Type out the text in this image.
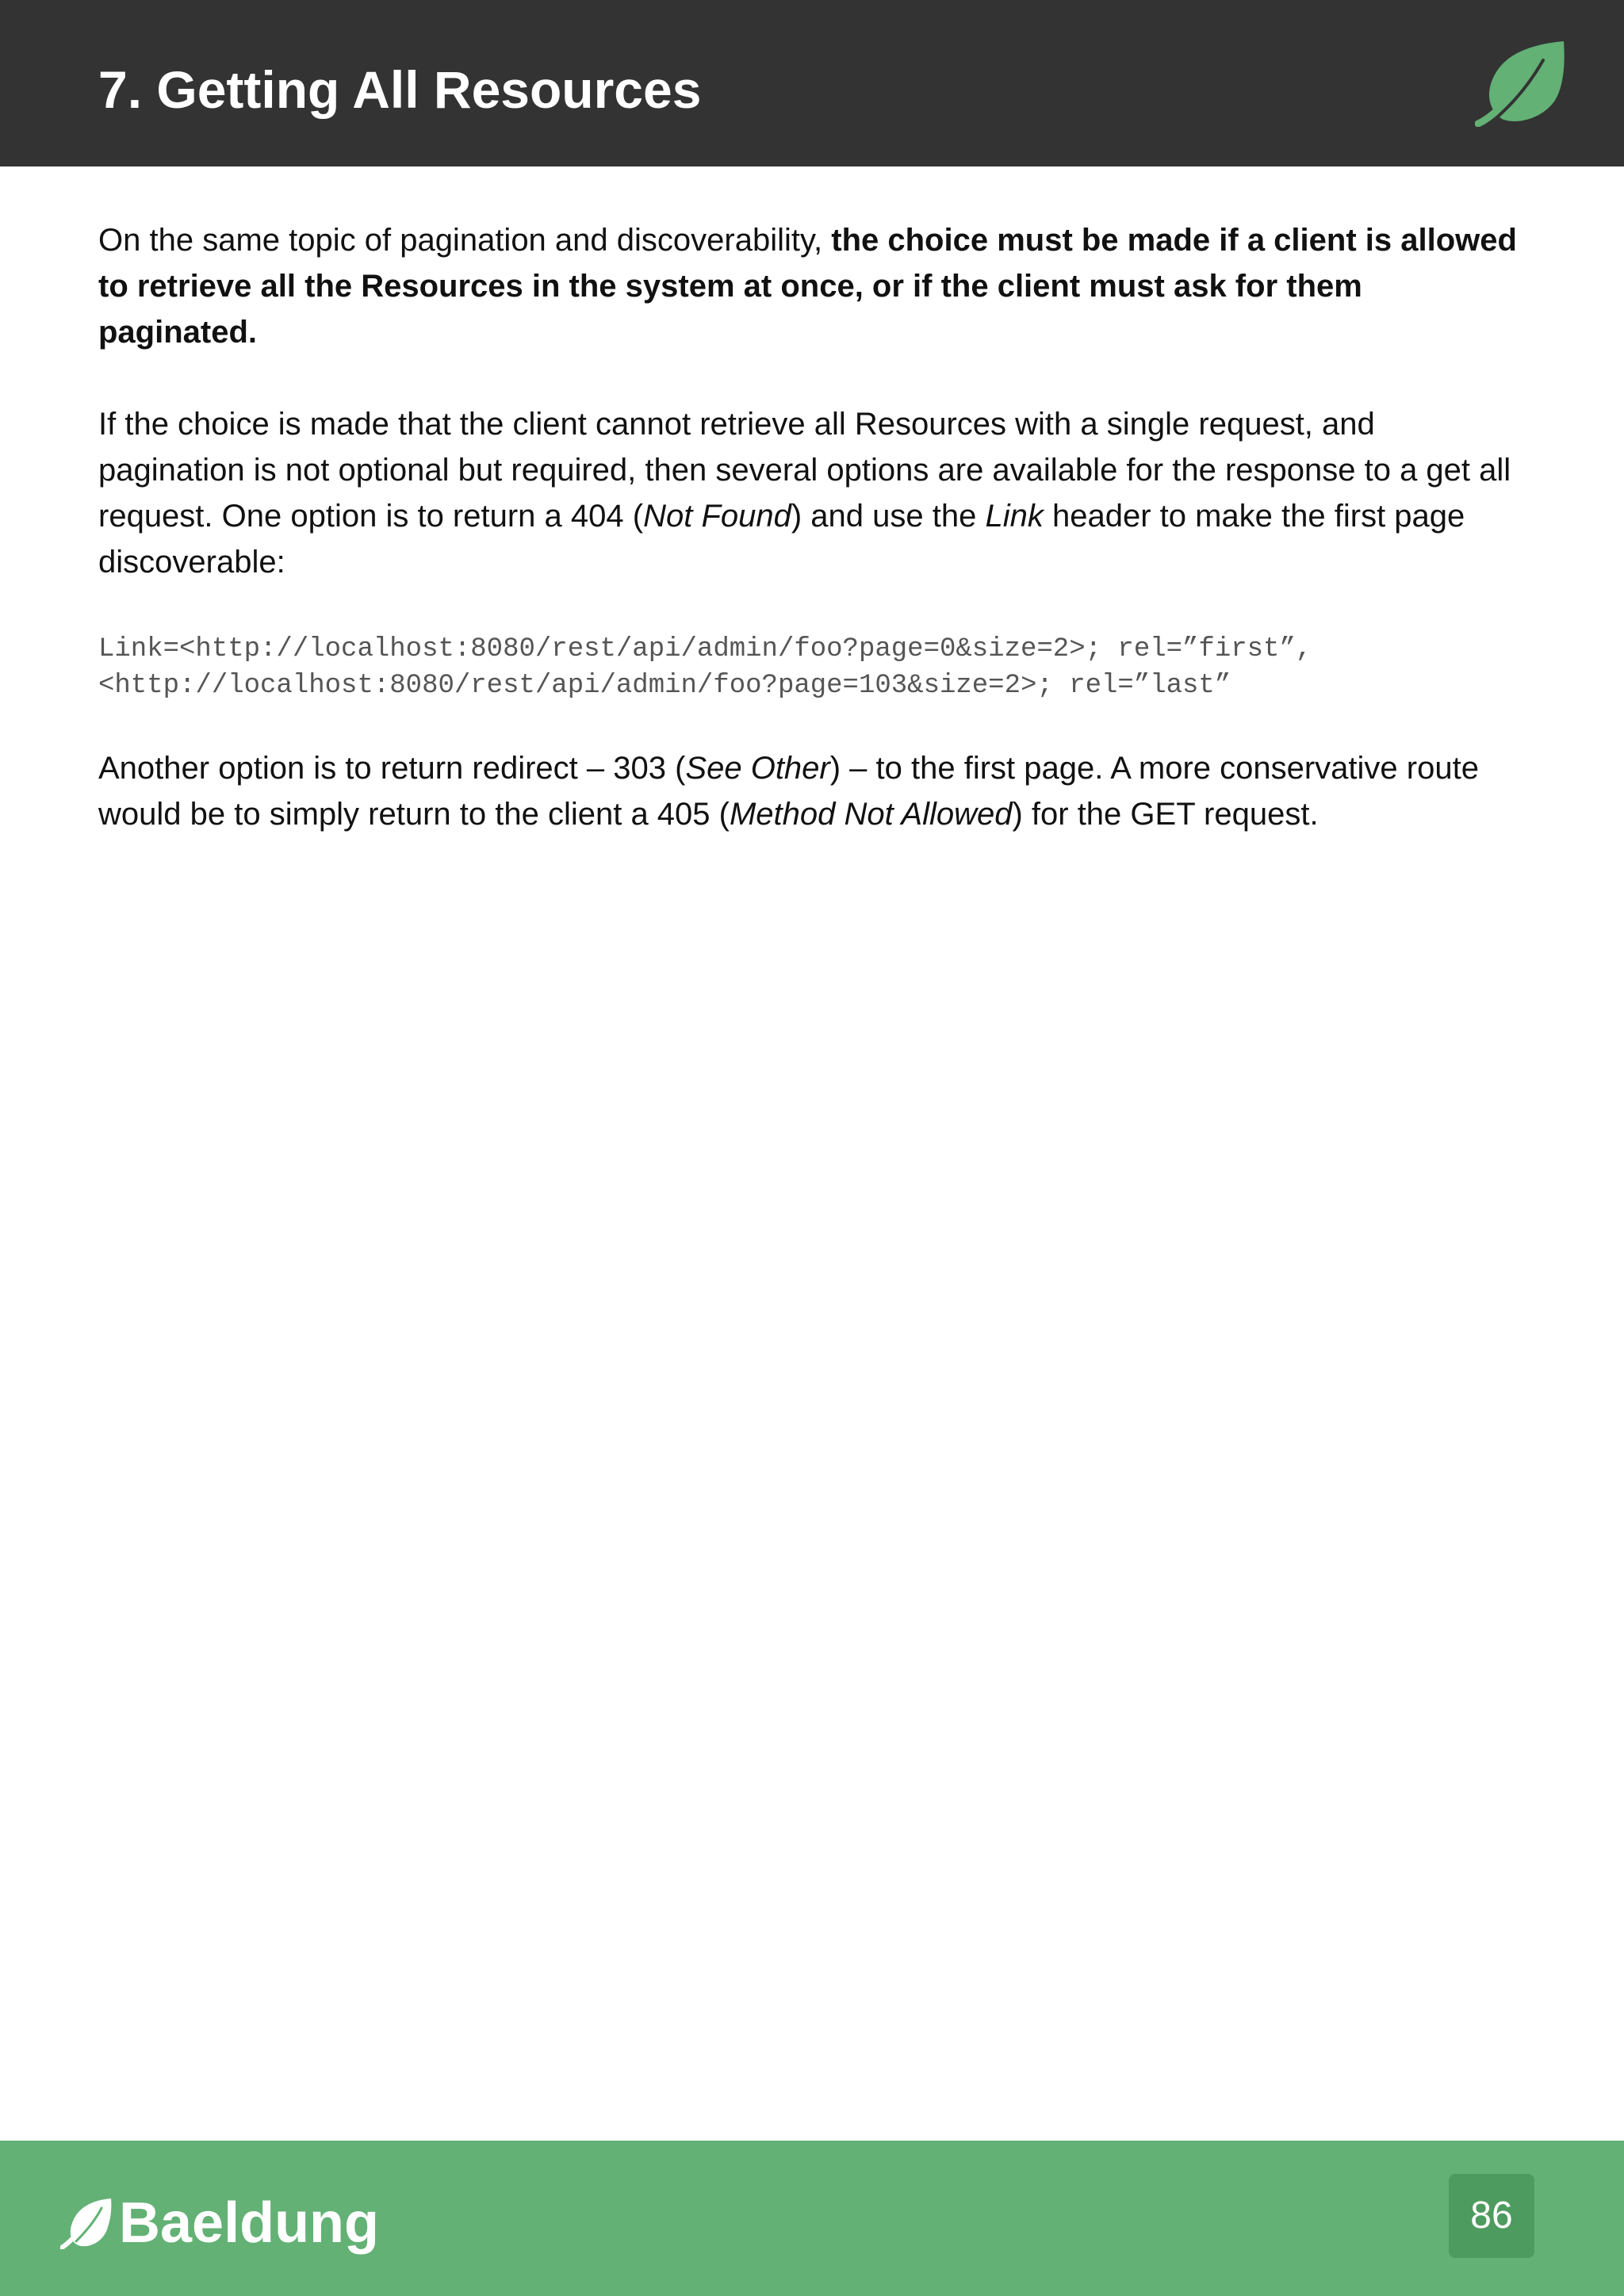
7. Getting All Resources

On the same topic of pagination and discoverability, the choice must be made if a client is allowed to retrieve all the Resources in the system at once, or if the client must ask for them paginated.

If the choice is made that the client cannot retrieve all Resources with a single request, and pagination is not optional but required, then several options are available for the response to a get all request. One option is to return a 404 (Not Found) and use the Link header to make the first page discoverable:

Link=<http://localhost:8080/rest/api/admin/foo?page=0&size=2>; rel=”first”,
<http://localhost:8080/rest/api/admin/foo?page=103&size=2>; rel=”last”

Another option is to return redirect – 303 (See Other) – to the first page. A more conservative route would be to simply return to the client a 405 (Method Not Allowed) for the GET request.

Baeldung	86
